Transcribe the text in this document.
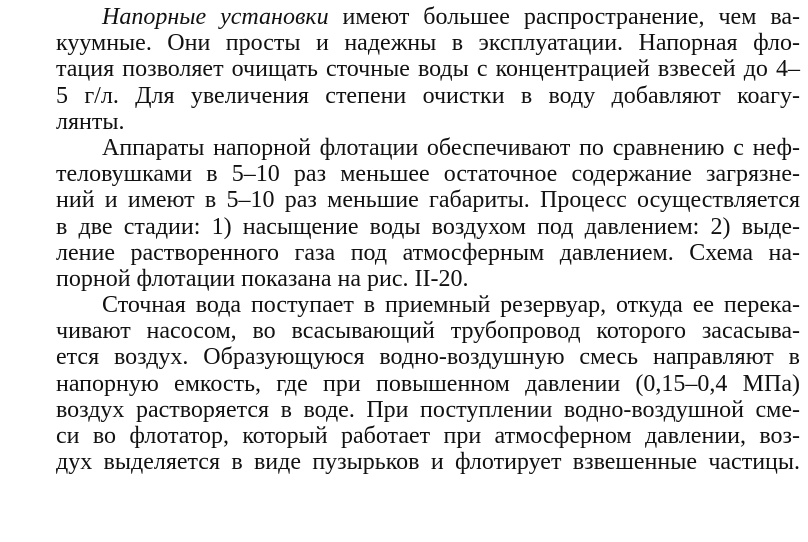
Напорные установки имеют большее распространение, чем ва-
куумные. Они просты и надежны в эксплуатации. Напорная фло-
тация позволяет очищать сточные воды с концентрацией взвесей до 4–
5 г/л. Для увеличения степени очистки в воду добавляют коагу-
лянты.
Аппараты напорной флотации обеспечивают по сравнению с неф-
теловушками в 5–10 раз меньшее остаточное содержание загрязне-
ний и имеют в 5–10 раз меньшие габариты. Процесс осуществляется
в две стадии: 1) насыщение воды воздухом под давлением: 2) выде-
ление растворенного газа под атмосферным давлением. Схема на-
порной флотации показана на рис. II-20.
Сточная вода поступает в приемный резервуар, откуда ее перека-
чивают насосом, во всасывающий трубопровод которого засасыва-
ется воздух. Образующуюся водно-воздушную смесь направляют в
напорную емкость, где при повышенном давлении (0,15–0,4 МПа)
воздух растворяется в воде. При поступлении водно-воздушной сме-
си во флотатор, который работает при атмосферном давлении, воз-
дух выделяется в виде пузырьков и флотирует взвешенные частицы.
